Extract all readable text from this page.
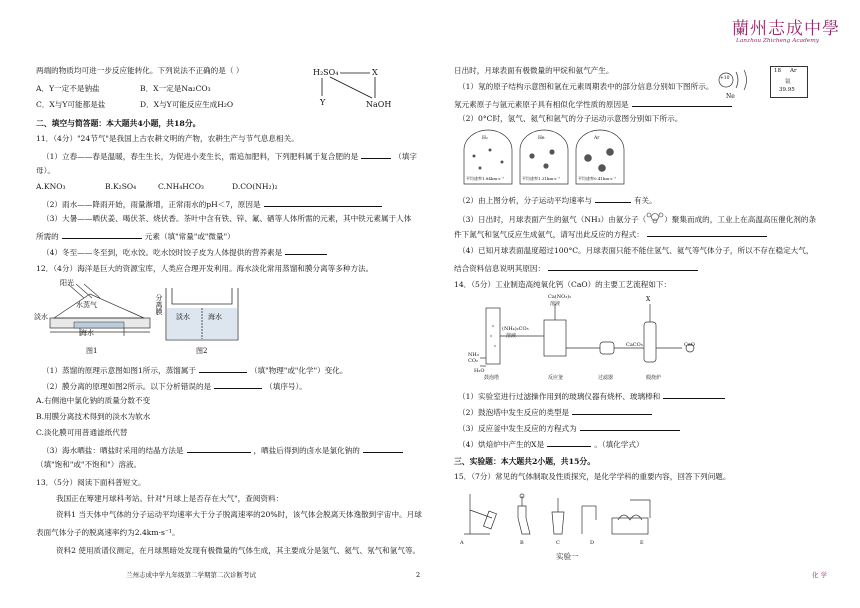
两端的物质均可进一步反应能转化。下列说法不正确的是（ ）
A．Y一定不是钠盐	B．X一定是Na₂CO₃
C．X与Y可能都是盐	D．X与Y可能反应生成H₂O
H₂SO₄	X
Y	NaOH
二、填空与简答题：本大题共4小题，共18分。
11．（4分）"24节气"是我国上古农耕文明的产物，农耕生产与节气息息相关。
（1）立春——春是温暖，春生生长，为促进小麦生长，需追加肥料，下列肥料属于复合肥的是	（填字
母）。
A.KNO₃	B.K₂SO₄	C.NH₄HCO₃	D.CO(NH₂)₂
（2）雨水——降雨开始，雨量渐增，正常雨水的pH＜7，原因是
（3）大暑——晒伏姜、喝伏茶、烧伏香。茶叶中含有铁、锌、氟、硒等人体所需的元素，其中铁元素属于人体
所需的	元素（填"常量"或"微量"）
（4）冬至——冬至到，吃水饺。吃水饺时饺子皮为人体提供的营养素是
12．（4分）海洋是巨大的资源宝库，人类应合理开发利用。海水淡化常用蒸馏和膜分离等多种方法。
阳光
水蒸气
淡水
海水
图1
淡水
分离膜
海水
图2
（1）蒸馏的原理示意图如图1所示，蒸馏属于	（填"物理"或"化学"）变化。
（2）膜分离的原理如图2所示。以下分析错误的是	（填序号）。
A.右侧池中氯化钠的质量分数不变
B.用膜分离技术得到的淡水为软水
C.淡化膜可用普通滤纸代替
（3）海水晒盐：晒盐时采用的结晶方法是	，晒盐后得到的卤水是氯化钠的
（填"饱和"或"不饱和"）溶液。
13．（5分）阅读下面科普短文。
我国正在筹建月球科考站。针对"月球上是否存在大气"，查阅资料：
资料1 当天体中气体的分子运动平均速率大于分子脱离速率的20%时，该气体会脱离天体逸散到宇宙中。月球
表面气体分子的脱离速率约为2.4km·s⁻¹。
资料2 使用质谱仪测定，在月球黑暗处发现有极微量的气体生成，其主要成分是氢气、氦气、氖气和氩气等。
兰州志成中学九年级第二学期第二次诊断考试	2
蘭州志成中學
Lanzhou Zhicheng Academy
日出时，月球表面有极微量的甲烷和氨气产生。
（1）氖的原子结构示意图和氩在元素周期表中的部分信息分别如下图所示。
氖元素原子与氩元素原子具有相似化学性质的原因是
+10
Ne
18 Ar
氩
39.95
（2）0°C时，氢气、氦气和氩气的分子运动示意图分别如下所示。
H₂	He	Ar
平均速率1.84km·s⁻¹	平均速率1.31km·s⁻¹	平均速率0.41km·s⁻¹
（2）由上图分析，分子运动平均速率与	有关。
（3）日出时，月球表面产生的氨气（NH₃）由氨分子（ ）聚集而成的，工业上在高温高压催化剂的条
件下氮气和氢气反应生成氨气，请写出此反应的方程式：
（4）已知月球表面温度超过100°C。月球表面只能不能住氢气、氦气等气体分子，所以不存在稳定大气，
结合资料信息说明其原因：
14．（5分）工业制造高纯氧化钙（CaO）的主要工艺流程如下：
Ca(NO₃)₂
溶液
(NH₄)₂CO₃
溶液
X
NH₃
CO₂
H₂O
CaCO₃	CaO
鼓泡塔	反应釜	过滤器	煅烧炉
（1）实验室进行过滤操作用到的玻璃仪器有烧杯、玻璃棒和
（2）鼓泡塔中发生反应的类型是
（3）反应釜中发生反应的方程式为
（4）烘焙炉中产生的X是	。（填化学式）
三、实验题：本大题共2小题，共15分。
15．（7分）常见的气体制取及性质探究，是化学学科的重要内容，回答下列问题。
A	B	C	D	E
实验一
化 学
